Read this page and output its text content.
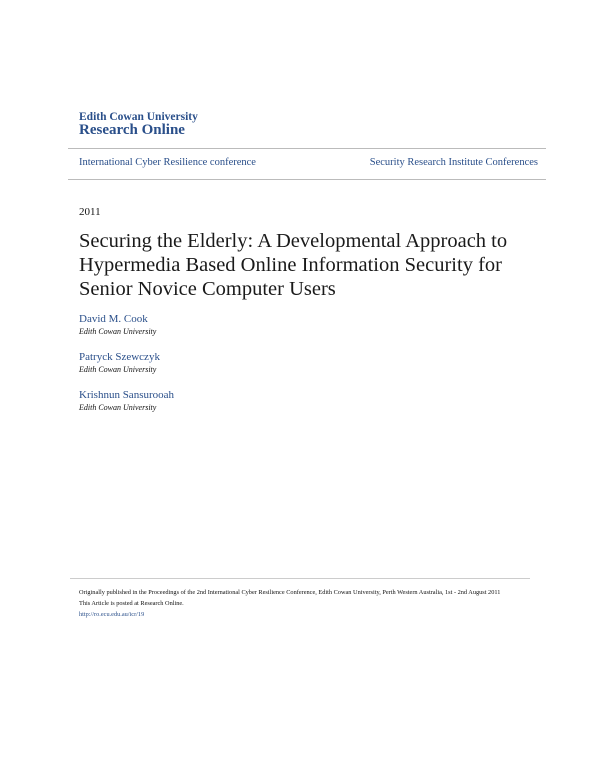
Edith Cowan University
Research Online
International Cyber Resilience conference	Security Research Institute Conferences
2011
Securing the Elderly: A Developmental Approach to Hypermedia Based Online Information Security for Senior Novice Computer Users
David M. Cook
Edith Cowan University
Patryck Szewczyk
Edith Cowan University
Krishnun Sansurooah
Edith Cowan University
Originally published in the Proceedings of the 2nd International Cyber Resilience Conference, Edith Cowan University, Perth Western Australia, 1st - 2nd August 2011
This Article is posted at Research Online.
http://ro.ecu.edu.au/icr/19
